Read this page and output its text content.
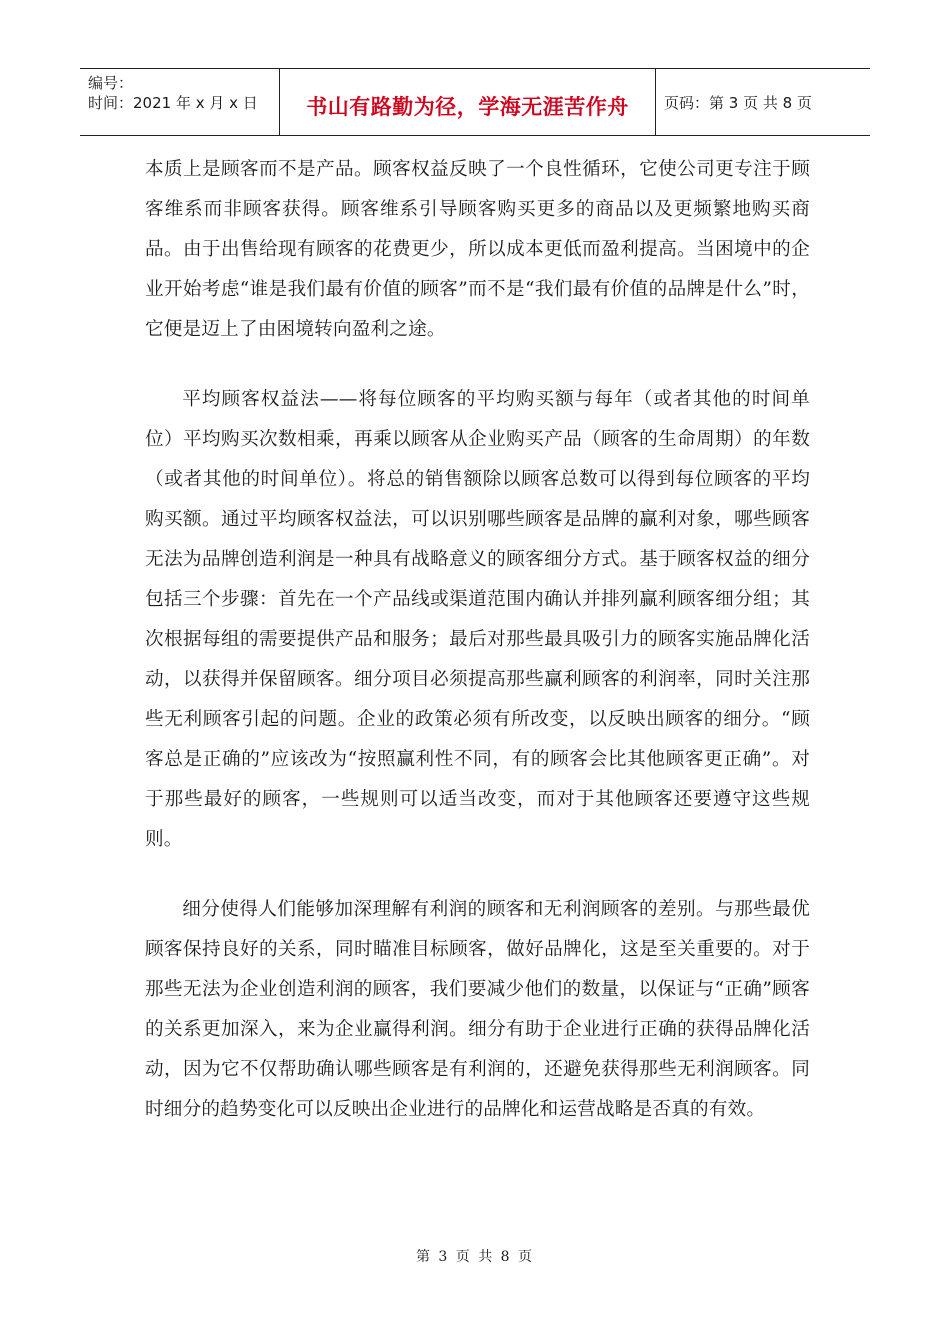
编号：
时间：2021 年 x 月 x 日	书山有路勤为径，学海无涯苦作舟 页码：第 3 页 共 8 页

本质上是顾客而不是产品。顾客权益反映了一个良性循环，它使公司更专注于顾客维系而非顾客获得。顾客维系引导顾客购买更多的商品以及更频繁地购买商品。由于出售给现有顾客的花费更少，所以成本更低而盈利提高。当困境中的企业开始考虑“谁是我们最有价值的顾客”而不是“我们最有价值的品牌是什么”时，它便是迈上了由困境转向盈利之途。

平均顾客权益法——将每位顾客的平均购买额与每年（或者其他的时间单位）平均购买次数相乘，再乘以顾客从企业购买产品（顾客的生命周期）的年数（或者其他的时间单位）。将总的销售额除以顾客总数可以得到每位顾客的平均购买额。通过平均顾客权益法，可以识别哪些顾客是品牌的赢利对象，哪些顾客无法为品牌创造利润是一种具有战略意义的顾客细分方式。基于顾客权益的细分包括三个步骤：首先在一个产品线或渠道范围内确认并排列赢利顾客细分组；其次根据每组的需要提供产品和服务；最后对那些最具吸引力的顾客实施品牌化活动，以获得并保留顾客。细分项目必须提高那些赢利顾客的利润率，同时关注那些无利顾客引起的问题。企业的政策必须有所改变，以反映出顾客的细分。“顾客总是正确的”应该改为“按照赢利性不同，有的顾客会比其他顾客更正确”。对于那些最好的顾客，一些规则可以适当改变，而对于其他顾客还要遵守这些规则。

细分使得人们能够加深理解有利润的顾客和无利润顾客的差别。与那些最优顾客保持良好的关系，同时瞄准目标顾客，做好品牌化，这是至关重要的。对于那些无法为企业创造利润的顾客，我们要减少他们的数量，以保证与“正确”顾客的关系更加深入，来为企业赢得利润。细分有助于企业进行正确的获得品牌化活动，因为它不仅帮助确认哪些顾客是有利润的，还避免获得那些无利润顾客。同时细分的趋势变化可以反映出企业进行的品牌化和运营战略是否真的有效。

第 3 页 共 8 页
